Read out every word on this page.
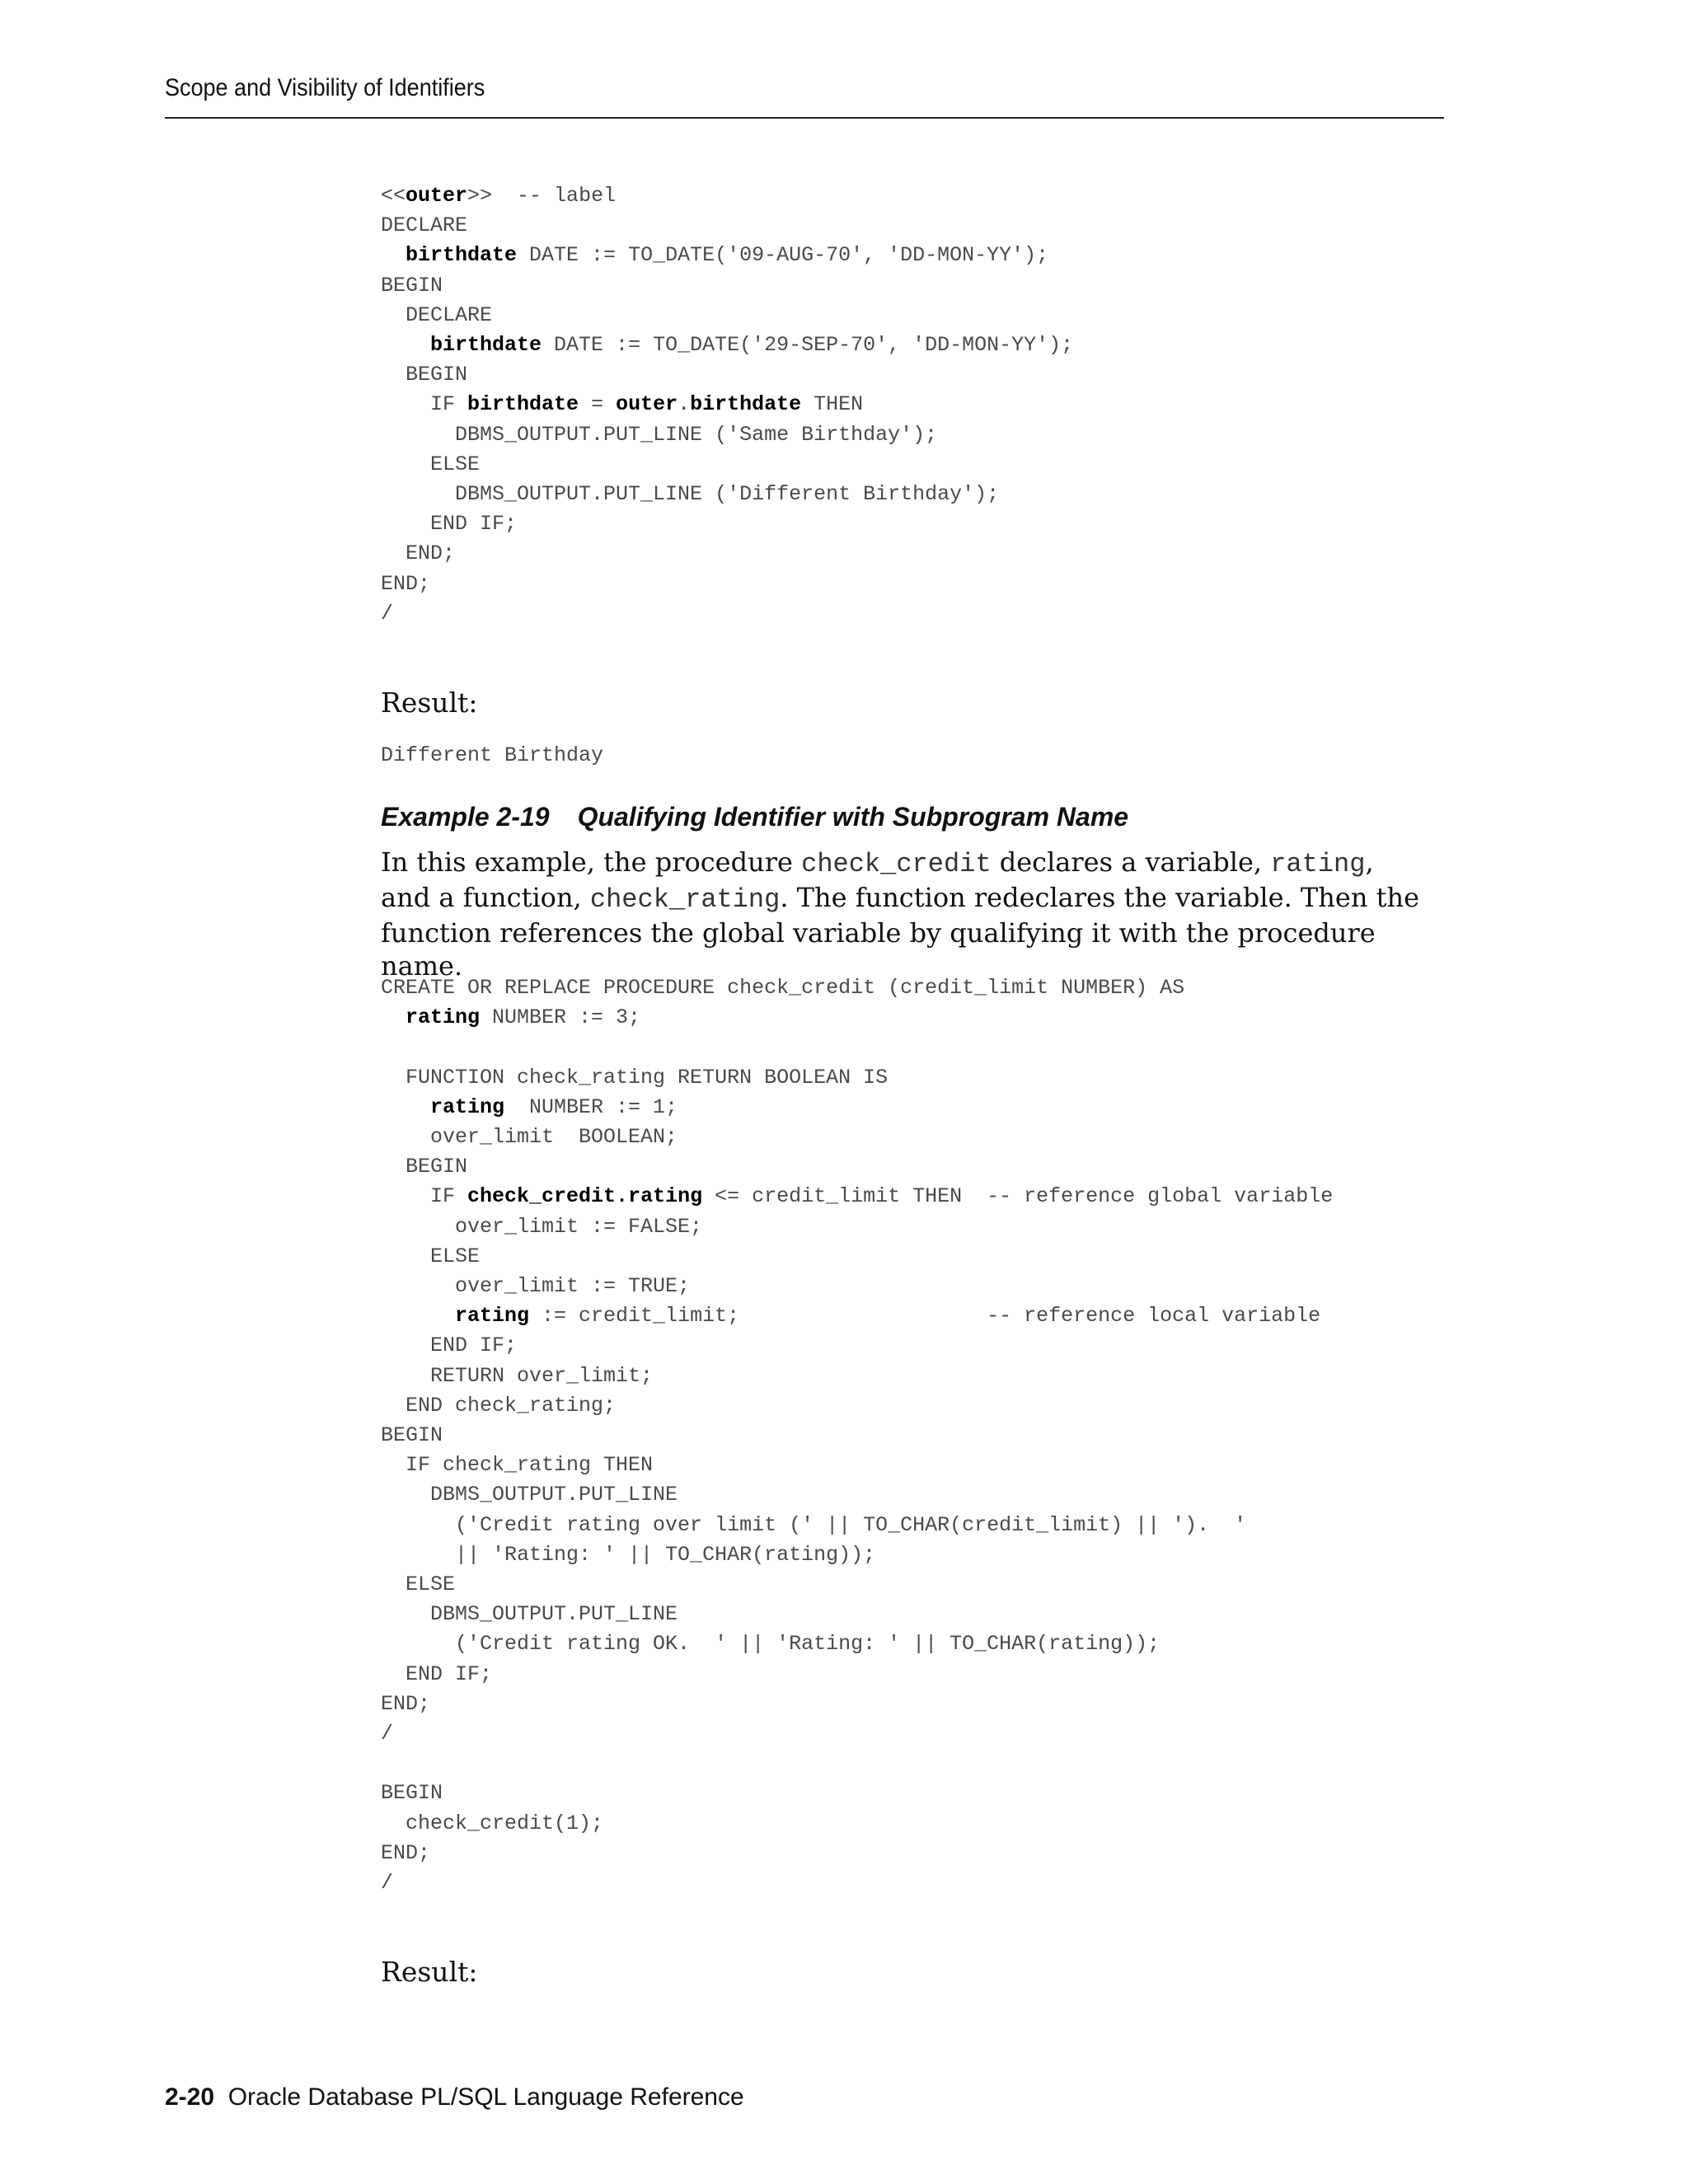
Scope and Visibility of Identifiers
<<outer>>  -- label
DECLARE
birthdate DATE := TO_DATE('09-AUG-70', 'DD-MON-YY');
BEGIN
DECLARE
birthdate DATE := TO_DATE('29-SEP-70', 'DD-MON-YY');
BEGIN
IF birthdate = outer.birthdate THEN
DBMS_OUTPUT.PUT_LINE ('Same Birthday');
ELSE
DBMS_OUTPUT.PUT_LINE ('Different Birthday');
END IF;
END;
END;
/
Result:
Different Birthday
Example 2-19 Qualifying Identifier with Subprogram Name

In this example, the procedure check_credit declares a variable, rating, and a function, check_rating. The function redeclares the variable. Then the function references the global variable by qualifying it with the procedure name.

CREATE OR REPLACE PROCEDURE check_credit (credit_limit NUMBER) AS
rating NUMBER := 3;

FUNCTION check_rating RETURN BOOLEAN IS
rating  NUMBER := 1;
over_limit  BOOLEAN;
BEGIN
IF check_credit.rating <= credit_limit THEN  -- reference global variable
over_limit := FALSE;
ELSE
over_limit := TRUE;
rating := credit_limit;                    -- reference local variable
END IF;
RETURN over_limit;
END check_rating;
BEGIN
IF check_rating THEN
DBMS_OUTPUT.PUT_LINE
('Credit rating over limit (' || TO_CHAR(credit_limit) || ').  '
|| 'Rating: ' || TO_CHAR(rating));
ELSE
DBMS_OUTPUT.PUT_LINE
('Credit rating OK.  ' || 'Rating: ' || TO_CHAR(rating));
END IF;
END;
/

BEGIN
check_credit(1);
END;
/
Result:
2-20 Oracle Database PL/SQL Language Reference
